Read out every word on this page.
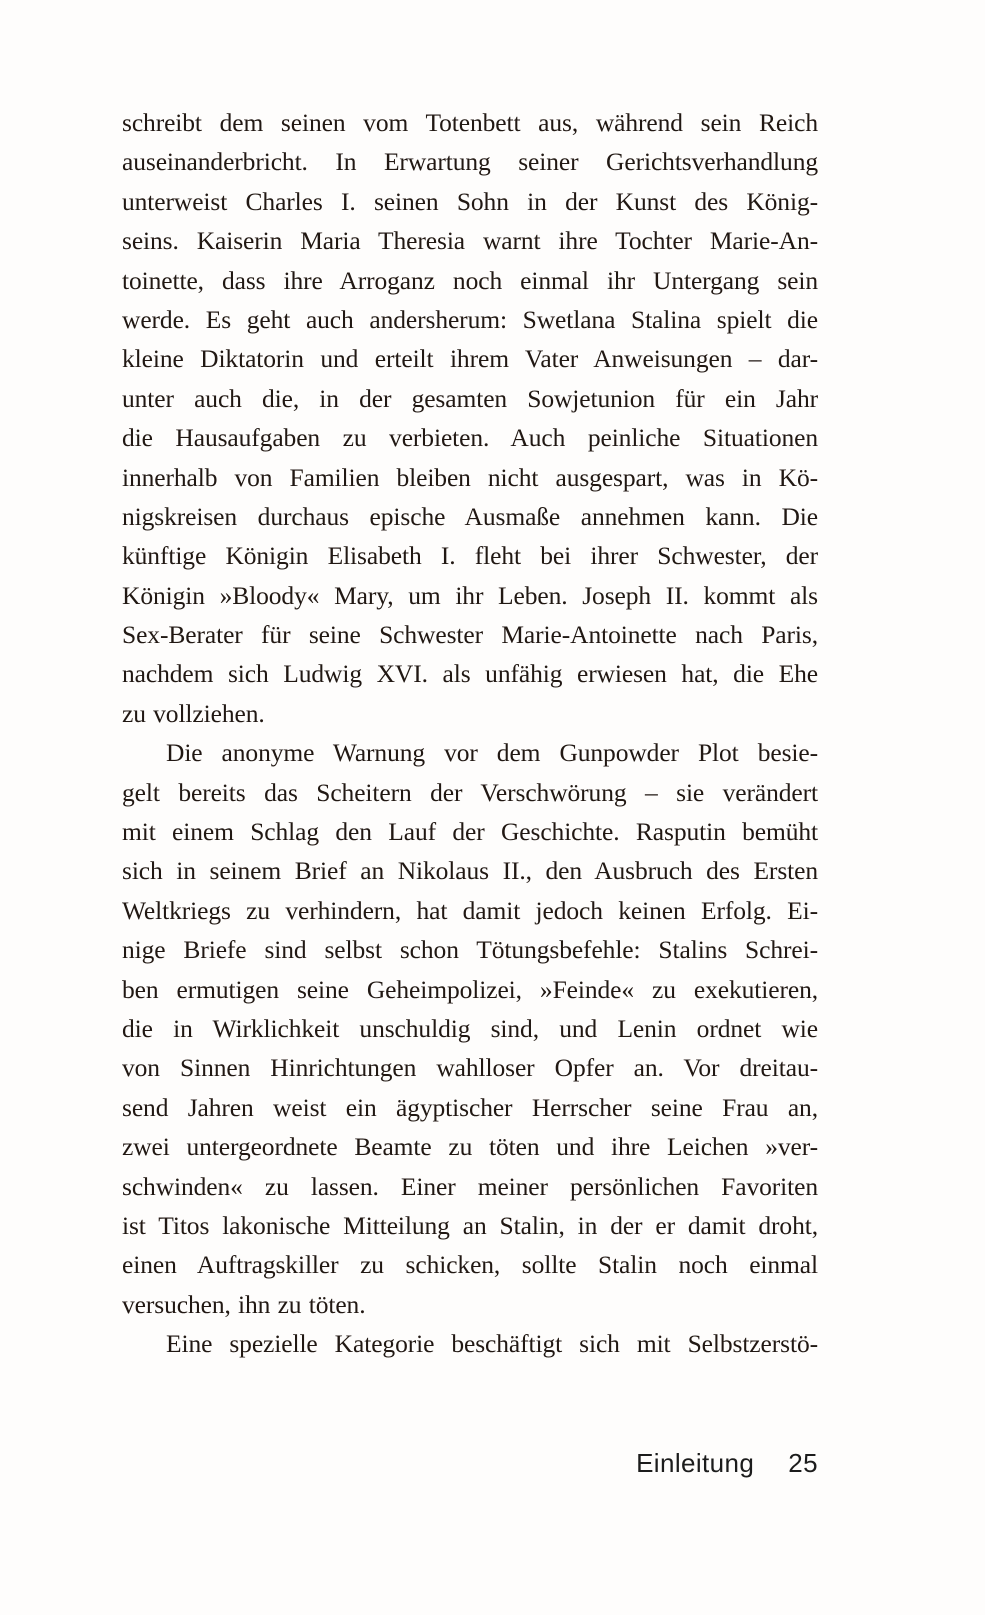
schreibt dem seinen vom Totenbett aus, während sein Reich
auseinanderbricht. In Erwartung seiner Gerichtsverhandlung
unterweist Charles I. seinen Sohn in der Kunst des König-
seins. Kaiserin Maria Theresia warnt ihre Tochter Marie-An-
toinette, dass ihre Arroganz noch einmal ihr Untergang sein
werde. Es geht auch andersherum: Swetlana Stalina spielt die
kleine Diktatorin und erteilt ihrem Vater Anweisungen – dar-
unter auch die, in der gesamten Sowjetunion für ein Jahr
die Hausaufgaben zu verbieten. Auch peinliche Situationen
innerhalb von Familien bleiben nicht ausgespart, was in Kö-
nigskreisen durchaus epische Ausmaße annehmen kann. Die
künftige Königin Elisabeth I. fleht bei ihrer Schwester, der
Königin »Bloody« Mary, um ihr Leben. Joseph II. kommt als
Sex-Berater für seine Schwester Marie-Antoinette nach Paris,
nachdem sich Ludwig XVI. als unfähig erwiesen hat, die Ehe
zu vollziehen.
Die anonyme Warnung vor dem Gunpowder Plot besie-
gelt bereits das Scheitern der Verschwörung – sie verändert
mit einem Schlag den Lauf der Geschichte. Rasputin bemüht
sich in seinem Brief an Nikolaus II., den Ausbruch des Ersten
Weltkriegs zu verhindern, hat damit jedoch keinen Erfolg. Ei-
nige Briefe sind selbst schon Tötungsbefehle: Stalins Schrei-
ben ermutigen seine Geheimpolizei, »Feinde« zu exekutieren,
die in Wirklichkeit unschuldig sind, und Lenin ordnet wie
von Sinnen Hinrichtungen wahlloser Opfer an. Vor dreitau-
send Jahren weist ein ägyptischer Herrscher seine Frau an,
zwei untergeordnete Beamte zu töten und ihre Leichen »ver-
schwinden« zu lassen. Einer meiner persönlichen Favoriten
ist Titos lakonische Mitteilung an Stalin, in der er damit droht,
einen Auftragskiller zu schicken, sollte Stalin noch einmal
versuchen, ihn zu töten.
Eine spezielle Kategorie beschäftigt sich mit Selbstzerstö-
Einleitung 25
